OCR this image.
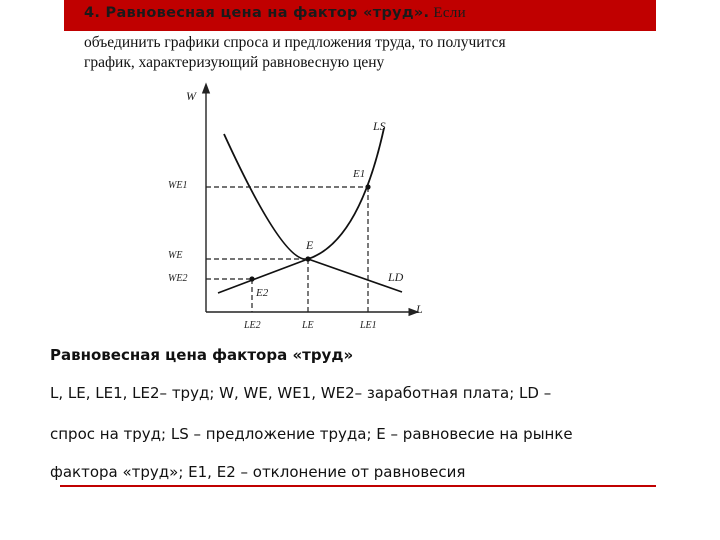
4. Равновесная цена на фактор «труд». Если
объединить графики спроса и предложения труда, то получится
график, характеризующий равновесную цену
W
L
LS
LD
E
E1
E2
WE1
WE
WE2
LE2	LE	LE1
Равновесная цена фактора «труд»
L, LE, LE1, LE2– труд; W, WE, WE1, WE2– заработная плата; LD –
спрос на труд; LS – предложение труда; E – равновесие на рынке
фактора «труд»; E1, E2 – отклонение от равновесия
